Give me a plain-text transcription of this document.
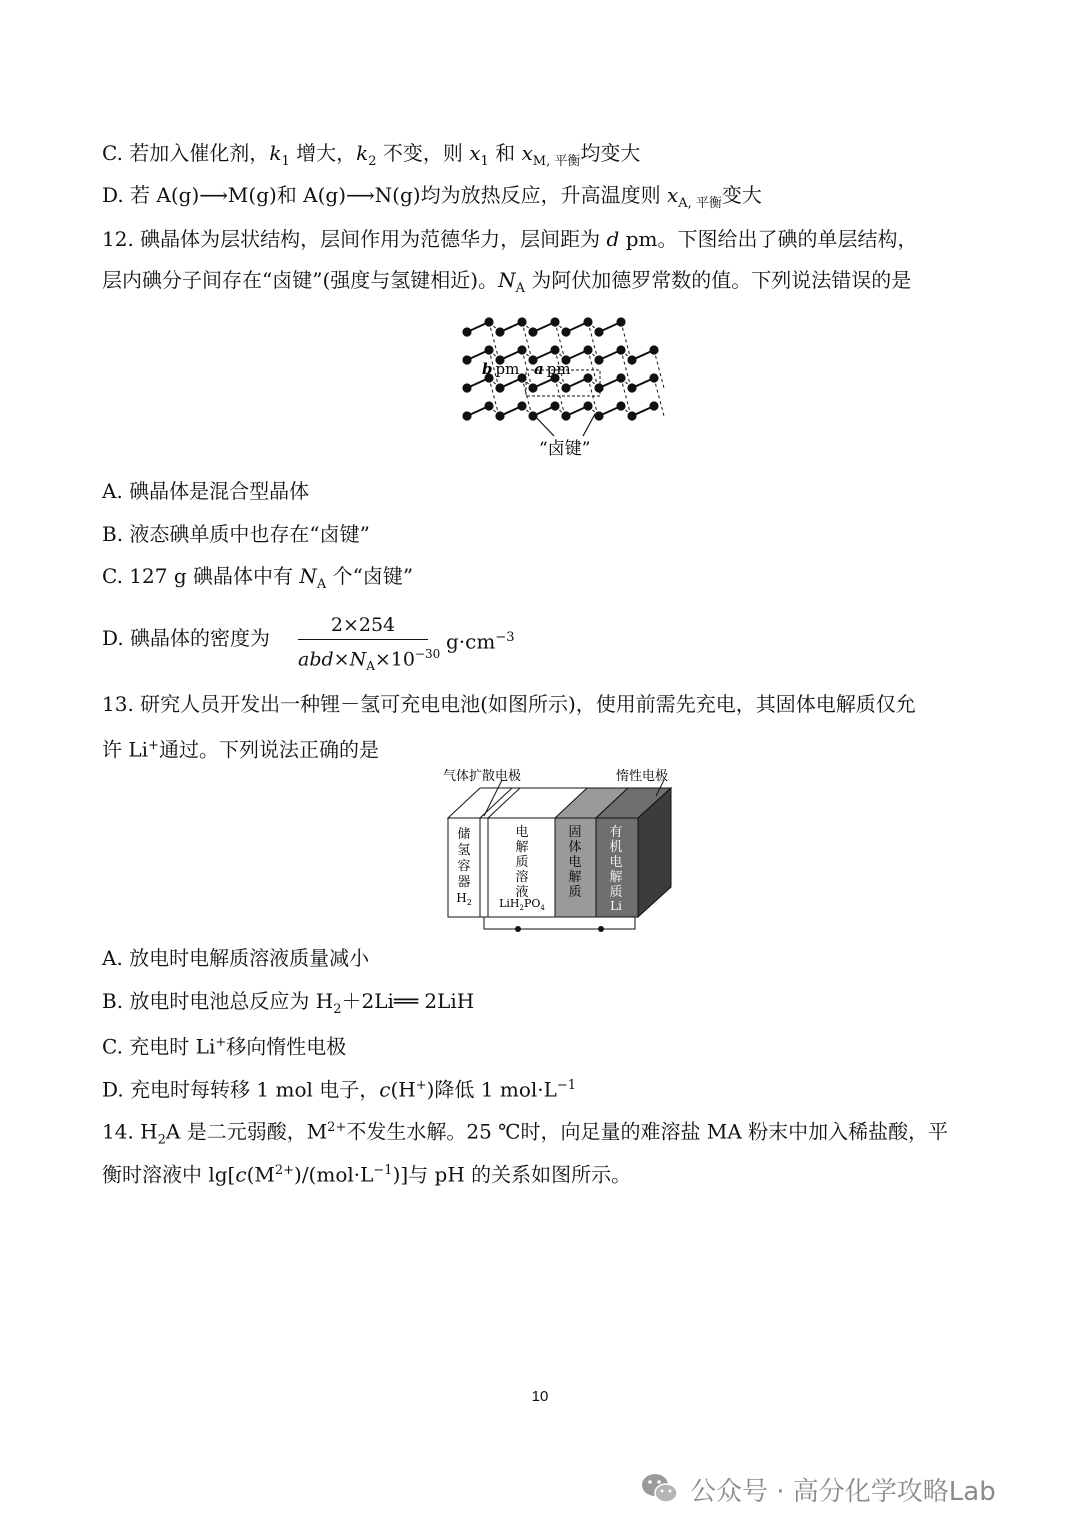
C. 若加入催化剂，$k_1$ 增大，$k_2$ 不变，则 $x_1$ 和 $x_{M,}$ $_{平衡}$均变大
D. 若 A(g)⟶M(g)和 A(g)⟶N(g)均为放热反应，升高温度则 $x_{A,}$ $_{平衡}$变大
12. 碘晶体为层状结构，层间作用为范德华力，层间距为 d pm。下图给出了碘的单层结构，
层内碘分子间存在“卤键”(强度与氢键相近)。$N_A$ 为阿伏加德罗常数的值。下列说法错误的是
b pm a pm
“卤键”
A. 碘晶体是混合型晶体
B. 液态碘单质中也存在“卤键”
C. 127 g 碘晶体中有 $N_A$ 个“卤键”
D. 碘晶体的密度为
2×254
$abd\times N_A\times 10^{-30}$
$g\cdot cm^{-3}$
13. 研究人员开发出一种锂－氢可充电电池(如图所示)，使用前需先充电，其固体电解质仅允
许 Li+通过。下列说法正确的是
气体扩散电极	惰性电极
储
氢
容
器
$H_2$
电
解
质
溶
液
$LiH_2PO_4$
固
体
电
解
质
有
机
电
解
质
Li
A. 放电时电解质溶液质量减小
B. 放电时电池总反应为 $H_2+2Li══$ 2LiH
C. 充电时 Li+移向惰性电极
D. 充电时每转移 1 mol 电子，c(H+)降低 1 $mol\cdot L^{-1}$
14. $H_2A$ 是二元弱酸，$M^{2+}$不发生水解。25 ℃时，向足量的难溶盐 MA 粉末中加入稀盐酸，平
衡时溶液中 $\lg[c(M^{2+})/(mol\cdot L^{-1})]$与 pH 的关系如图所示。
10
公众号 · 高分化学攻略Lab
